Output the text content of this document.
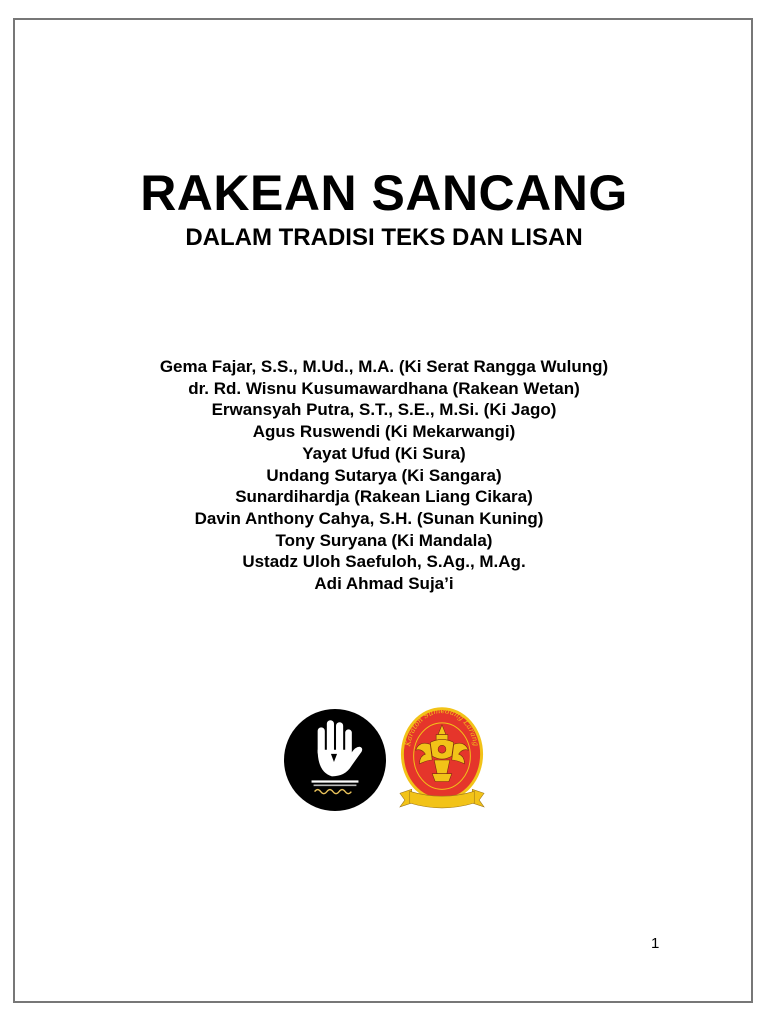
RAKEAN SANCANG
DALAM TRADISI TEKS DAN LISAN
Gema Fajar, S.S., M.Ud., M.A. (Ki Serat Rangga Wulung)
dr. Rd. Wisnu Kusumawardhana (Rakean Wetan)
Erwansyah Putra, S.T., S.E., M.Si. (Ki Jago)
Agus Ruswendi (Ki Mekarwangi)
Yayat Ufud (Ki Sura)
Undang Sutarya (Ki Sangara)
Sunardihardja (Rakean Liang Cikara)
Davin Anthony Cahya, S.H. (Sunan Kuning)
Tony Suryana (Ki Mandala)
Ustadz Uloh Saefuloh, S.Ag., M.Ag.
Adi Ahmad Suja’i
Karaton Sumedang Larang
1
